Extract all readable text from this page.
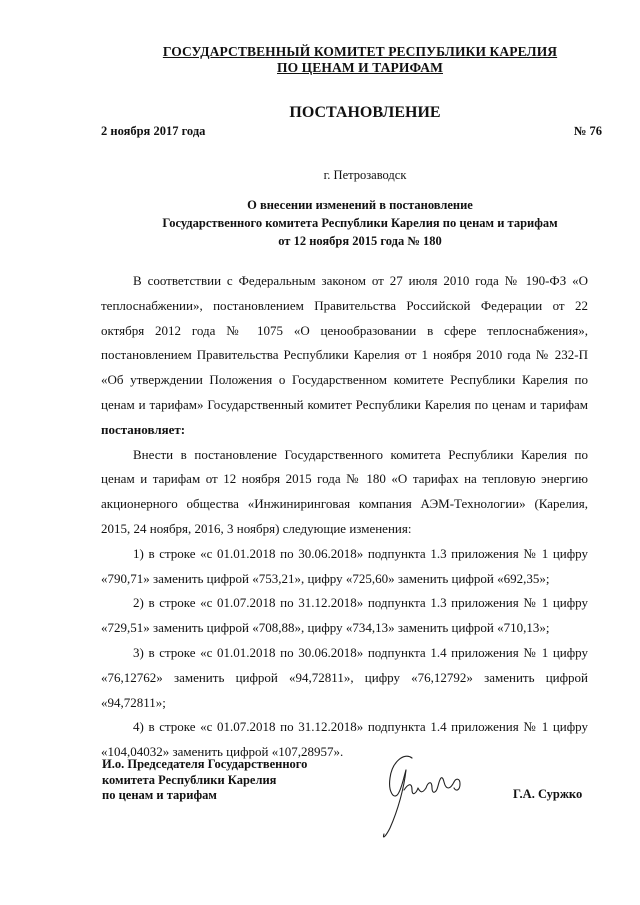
ГОСУДАРСТВЕННЫЙ КОМИТЕТ РЕСПУБЛИКИ КАРЕЛИЯ
ПО ЦЕНАМ И ТАРИФАМ
ПОСТАНОВЛЕНИЕ
2 ноября 2017 года	№ 76
г. Петрозаводск
О внесении изменений в постановление
Государственного комитета Республики Карелия по ценам и тарифам
от 12 ноября 2015 года № 180

В соответствии с Федеральным законом от 27 июля 2010 года № 190-ФЗ «О теплоснабжении», постановлением Правительства Российской Федерации от 22 октября 2012 года № 1075 «О ценообразовании в сфере теплоснабжения», постановлением Правительства Республики Карелия от 1 ноября 2010 года № 232-П «Об утверждении Положения о Государственном комитете Республики Карелия по ценам и тарифам» Государственный комитет Республики Карелия по ценам и тарифам постановляет:

Внести в постановление Государственного комитета Республики Карелия по ценам и тарифам от 12 ноября 2015 года № 180 «О тарифах на тепловую энергию акционерного общества «Инжиниринговая компания АЭМ-Технологии» (Карелия, 2015, 24 ноября, 2016, 3 ноября) следующие изменения:

1) в строке «с 01.01.2018 по 30.06.2018» подпункта 1.3 приложения № 1 цифру «790,71» заменить цифрой «753,21», цифру «725,60» заменить цифрой «692,35»;

2) в строке «с 01.07.2018 по 31.12.2018» подпункта 1.3 приложения № 1 цифру «729,51» заменить цифрой «708,88», цифру «734,13» заменить цифрой «710,13»;

3) в строке «с 01.01.2018 по 30.06.2018» подпункта 1.4 приложения № 1 цифру «76,12762» заменить цифрой «94,72811», цифру «76,12792» заменить цифрой «94,72811»;

4) в строке «с 01.07.2018 по 31.12.2018» подпункта 1.4 приложения № 1 цифру «104,04032» заменить цифрой «107,28957».

И.о. Председателя Государственного
комитета Республики Карелия
по ценам и тарифам	Г.А. Суржко
